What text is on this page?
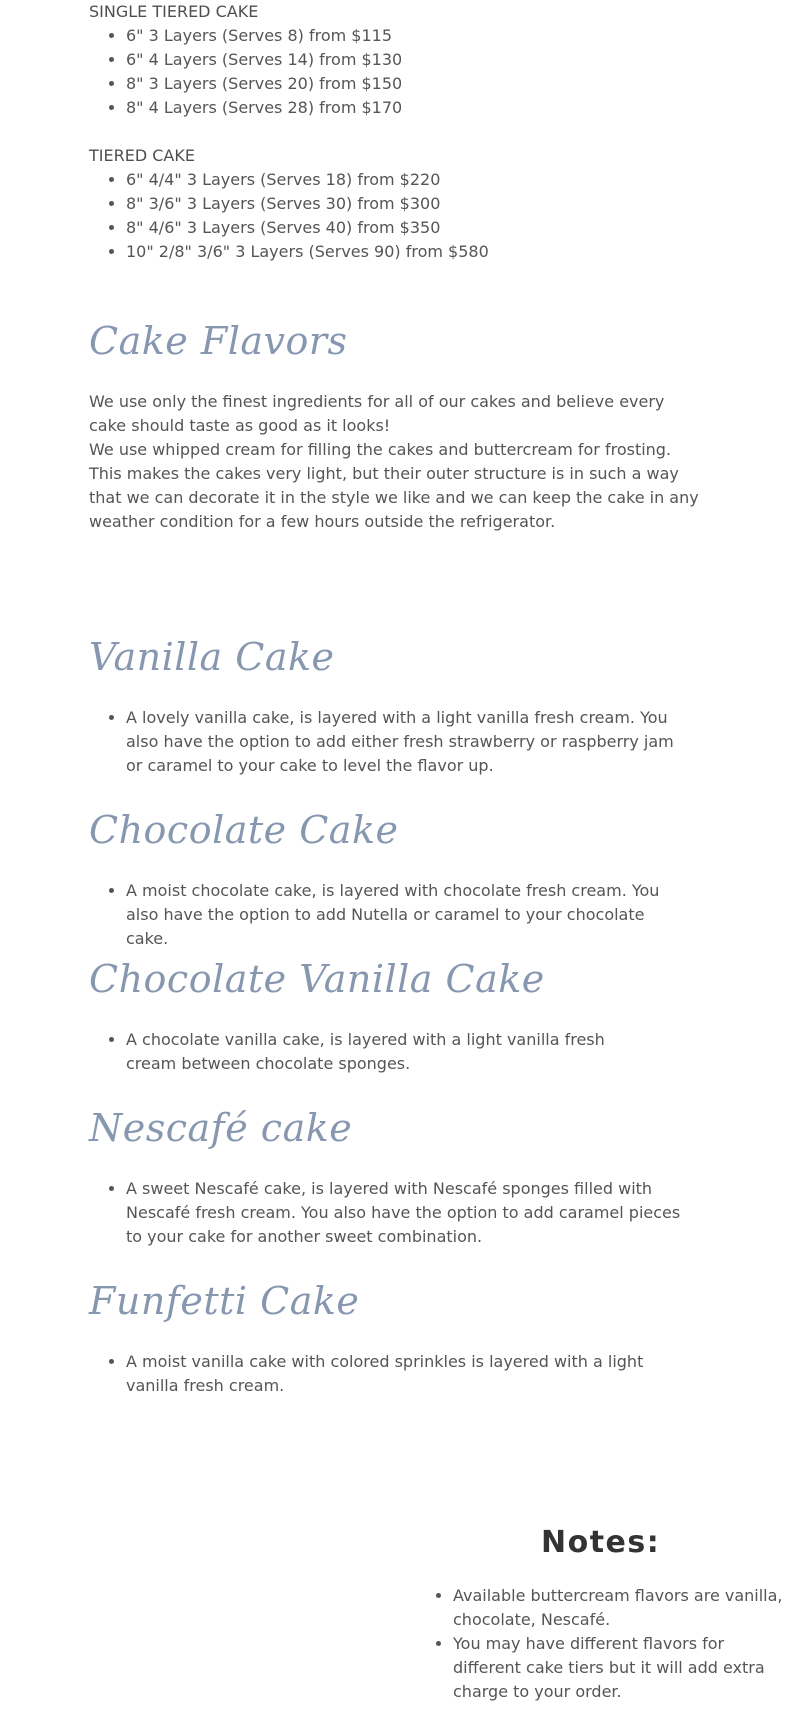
SINGLE TIERED CAKE

• 6" 3 Layers (Serves 8) from $115
• 6" 4 Layers (Serves 14) from $130
• 8" 3 Layers (Serves 20) from $150
• 8" 4 Layers (Serves 28) from $170

TIERED CAKE

• 6" 4/4" 3 Layers (Serves 18) from $220
• 8" 3/6" 3 Layers (Serves 30) from $300
• 8" 4/6" 3 Layers (Serves 40) from $350
• 10" 2/8" 3/6" 3 Layers (Serves 90) from $580
Cake Flavors

We use only the finest ingredients for all of our cakes and believe every cake should taste as good as it looks!

We use whipped cream for filling the cakes and buttercream for frosting. This makes the cakes very light, but their outer structure is in such a way that we can decorate it in the style we like and we can keep the cake in any weather condition for a few hours outside the refrigerator.

Vanilla Cake
• A lovely vanilla cake, is layered with a light vanilla fresh cream. You also have the option to add either fresh strawberry or raspberry jam or caramel to your cake to level the flavor up.
Chocolate Cake
• A moist chocolate cake, is layered with chocolate fresh cream. You also have the option to add Nutella or caramel to your chocolate cake.
Chocolate Vanilla Cake
• A chocolate vanilla cake, is layered with a light vanilla fresh cream between chocolate sponges.
Nescafé cake
• A sweet Nescafé cake, is layered with Nescafé sponges filled with Nescafé fresh cream. You also have the option to add caramel pieces to your cake for another sweet combination.
Funfetti Cake
• A moist vanilla cake with colored sprinkles is layered with a light vanilla fresh cream.
Notes:
• Available buttercream flavors are vanilla, chocolate, Nescafé.
• You may have different flavors for different cake tiers but it will add extra charge to your order.
